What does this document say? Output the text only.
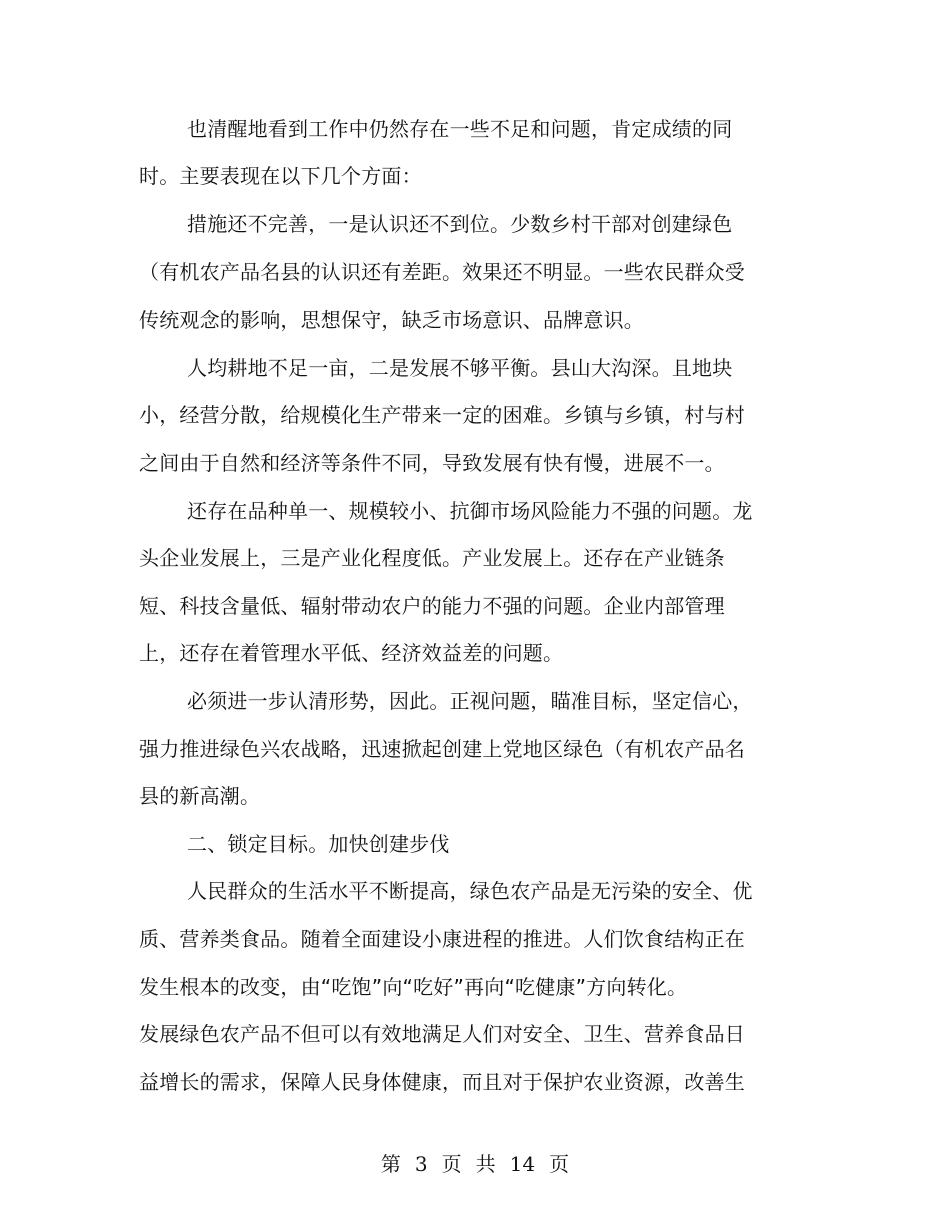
也清醒地看到工作中仍然存在一些不足和问题，肯定成绩的同
时。主要表现在以下几个方面：
措施还不完善，一是认识还不到位。少数乡村干部对创建绿色
（有机农产品名县的认识还有差距。效果还不明显。一些农民群众受
传统观念的影响，思想保守，缺乏市场意识、品牌意识。
人均耕地不足一亩，二是发展不够平衡。县山大沟深。且地块
小，经营分散，给规模化生产带来一定的困难。乡镇与乡镇，村与村
之间由于自然和经济等条件不同，导致发展有快有慢，进展不一。
还存在品种单一、规模较小、抗御市场风险能力不强的问题。龙
头企业发展上，三是产业化程度低。产业发展上。还存在产业链条
短、科技含量低、辐射带动农户的能力不强的问题。企业内部管理
上，还存在着管理水平低、经济效益差的问题。
必须进一步认清形势，因此。正视问题，瞄准目标，坚定信心，
强力推进绿色兴农战略，迅速掀起创建上党地区绿色（有机农产品名
县的新高潮。
二、锁定目标。加快创建步伐
人民群众的生活水平不断提高，绿色农产品是无污染的安全、优
质、营养类食品。随着全面建设小康进程的推进。人们饮食结构正在
发生根本的改变，由“吃饱”向“吃好”再向“吃健康”方向转化。
发展绿色农产品不但可以有效地满足人们对安全、卫生、营养食品日
益增长的需求，保障人民身体健康，而且对于保护农业资源，改善生
第 3 页 共 14 页
